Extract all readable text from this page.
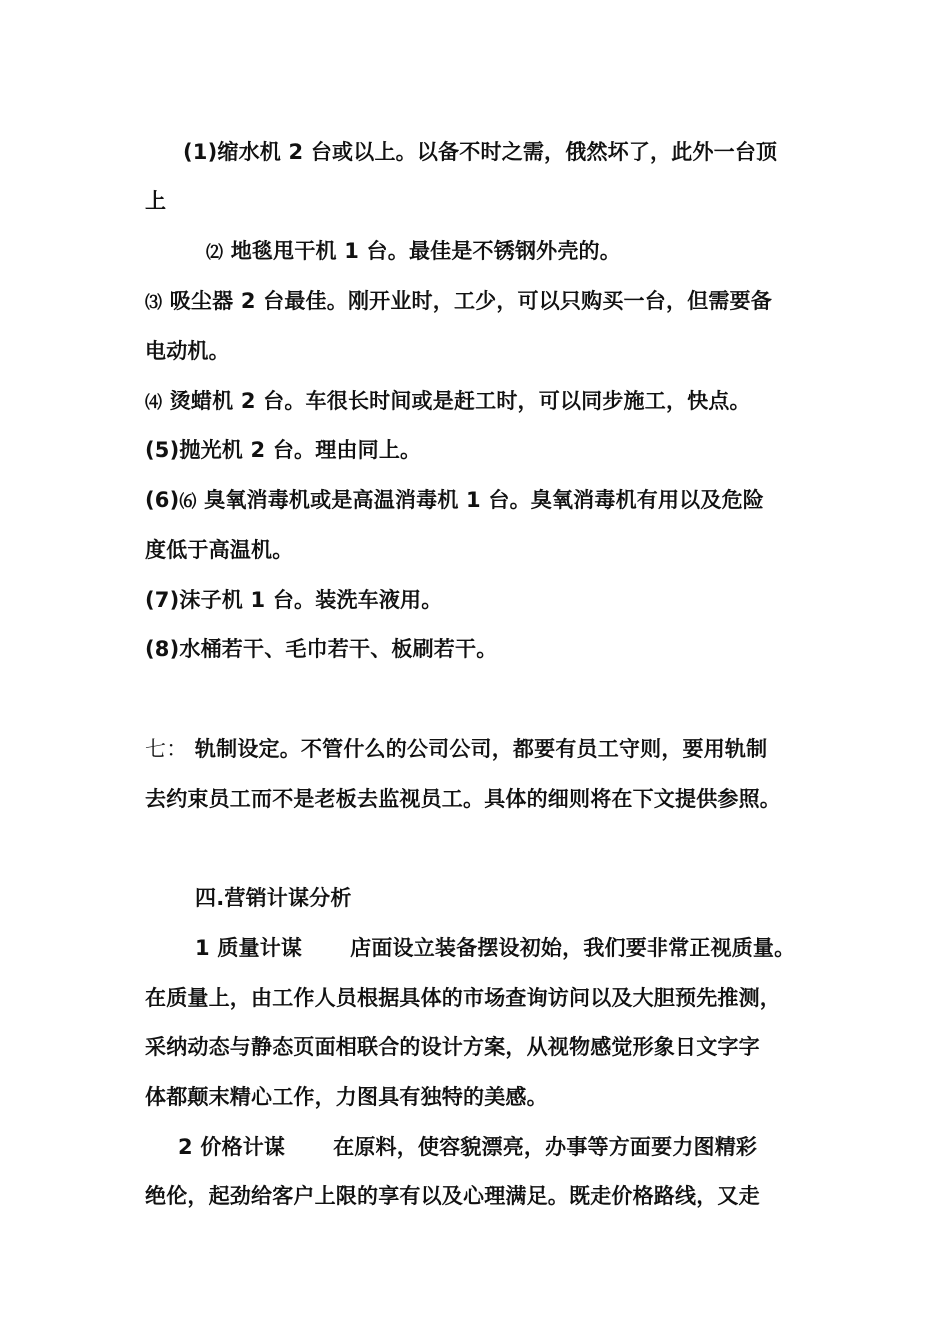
(1)缩水机 2 台或以上。以备不时之需，俄然坏了，此外一台顶
上
⑵ 地毯甩干机 1 台。最佳是不锈钢外壳的。
⑶ 吸尘器 2 台最佳。刚开业时，工少，可以只购买一台，但需要备
电动机。
⑷ 烫蜡机 2 台。车很长时间或是赶工时，可以同步施工，快点。
(5)抛光机 2 台。理由同上。
(6)⑹ 臭氧消毒机或是高温消毒机 1 台。臭氧消毒机有用以及危险
度低于高温机。
(7)沫子机 1 台。装洗车液用。
(8)水桶若干、毛巾若干、板刷若干。
七： 轨制设定。不管什么的公司公司，都要有员工守则，要用轨制
去约束员工而不是老板去监视员工。具体的细则将在下文提供参照。
四.营销计谋分析
1 质量计谋 店面设立装备摆设初始，我们要非常正视质量。
在质量上，由工作人员根据具体的市场查询访问以及大胆预先推测，
采纳动态与静态页面相联合的设计方案，从视物感觉形象日文字字
体都颠末精心工作，力图具有独特的美感。
2 价格计谋 在原料，使容貌漂亮，办事等方面要力图精彩
绝伦，起劲给客户上限的享有以及心理满足。既走价格路线，又走
